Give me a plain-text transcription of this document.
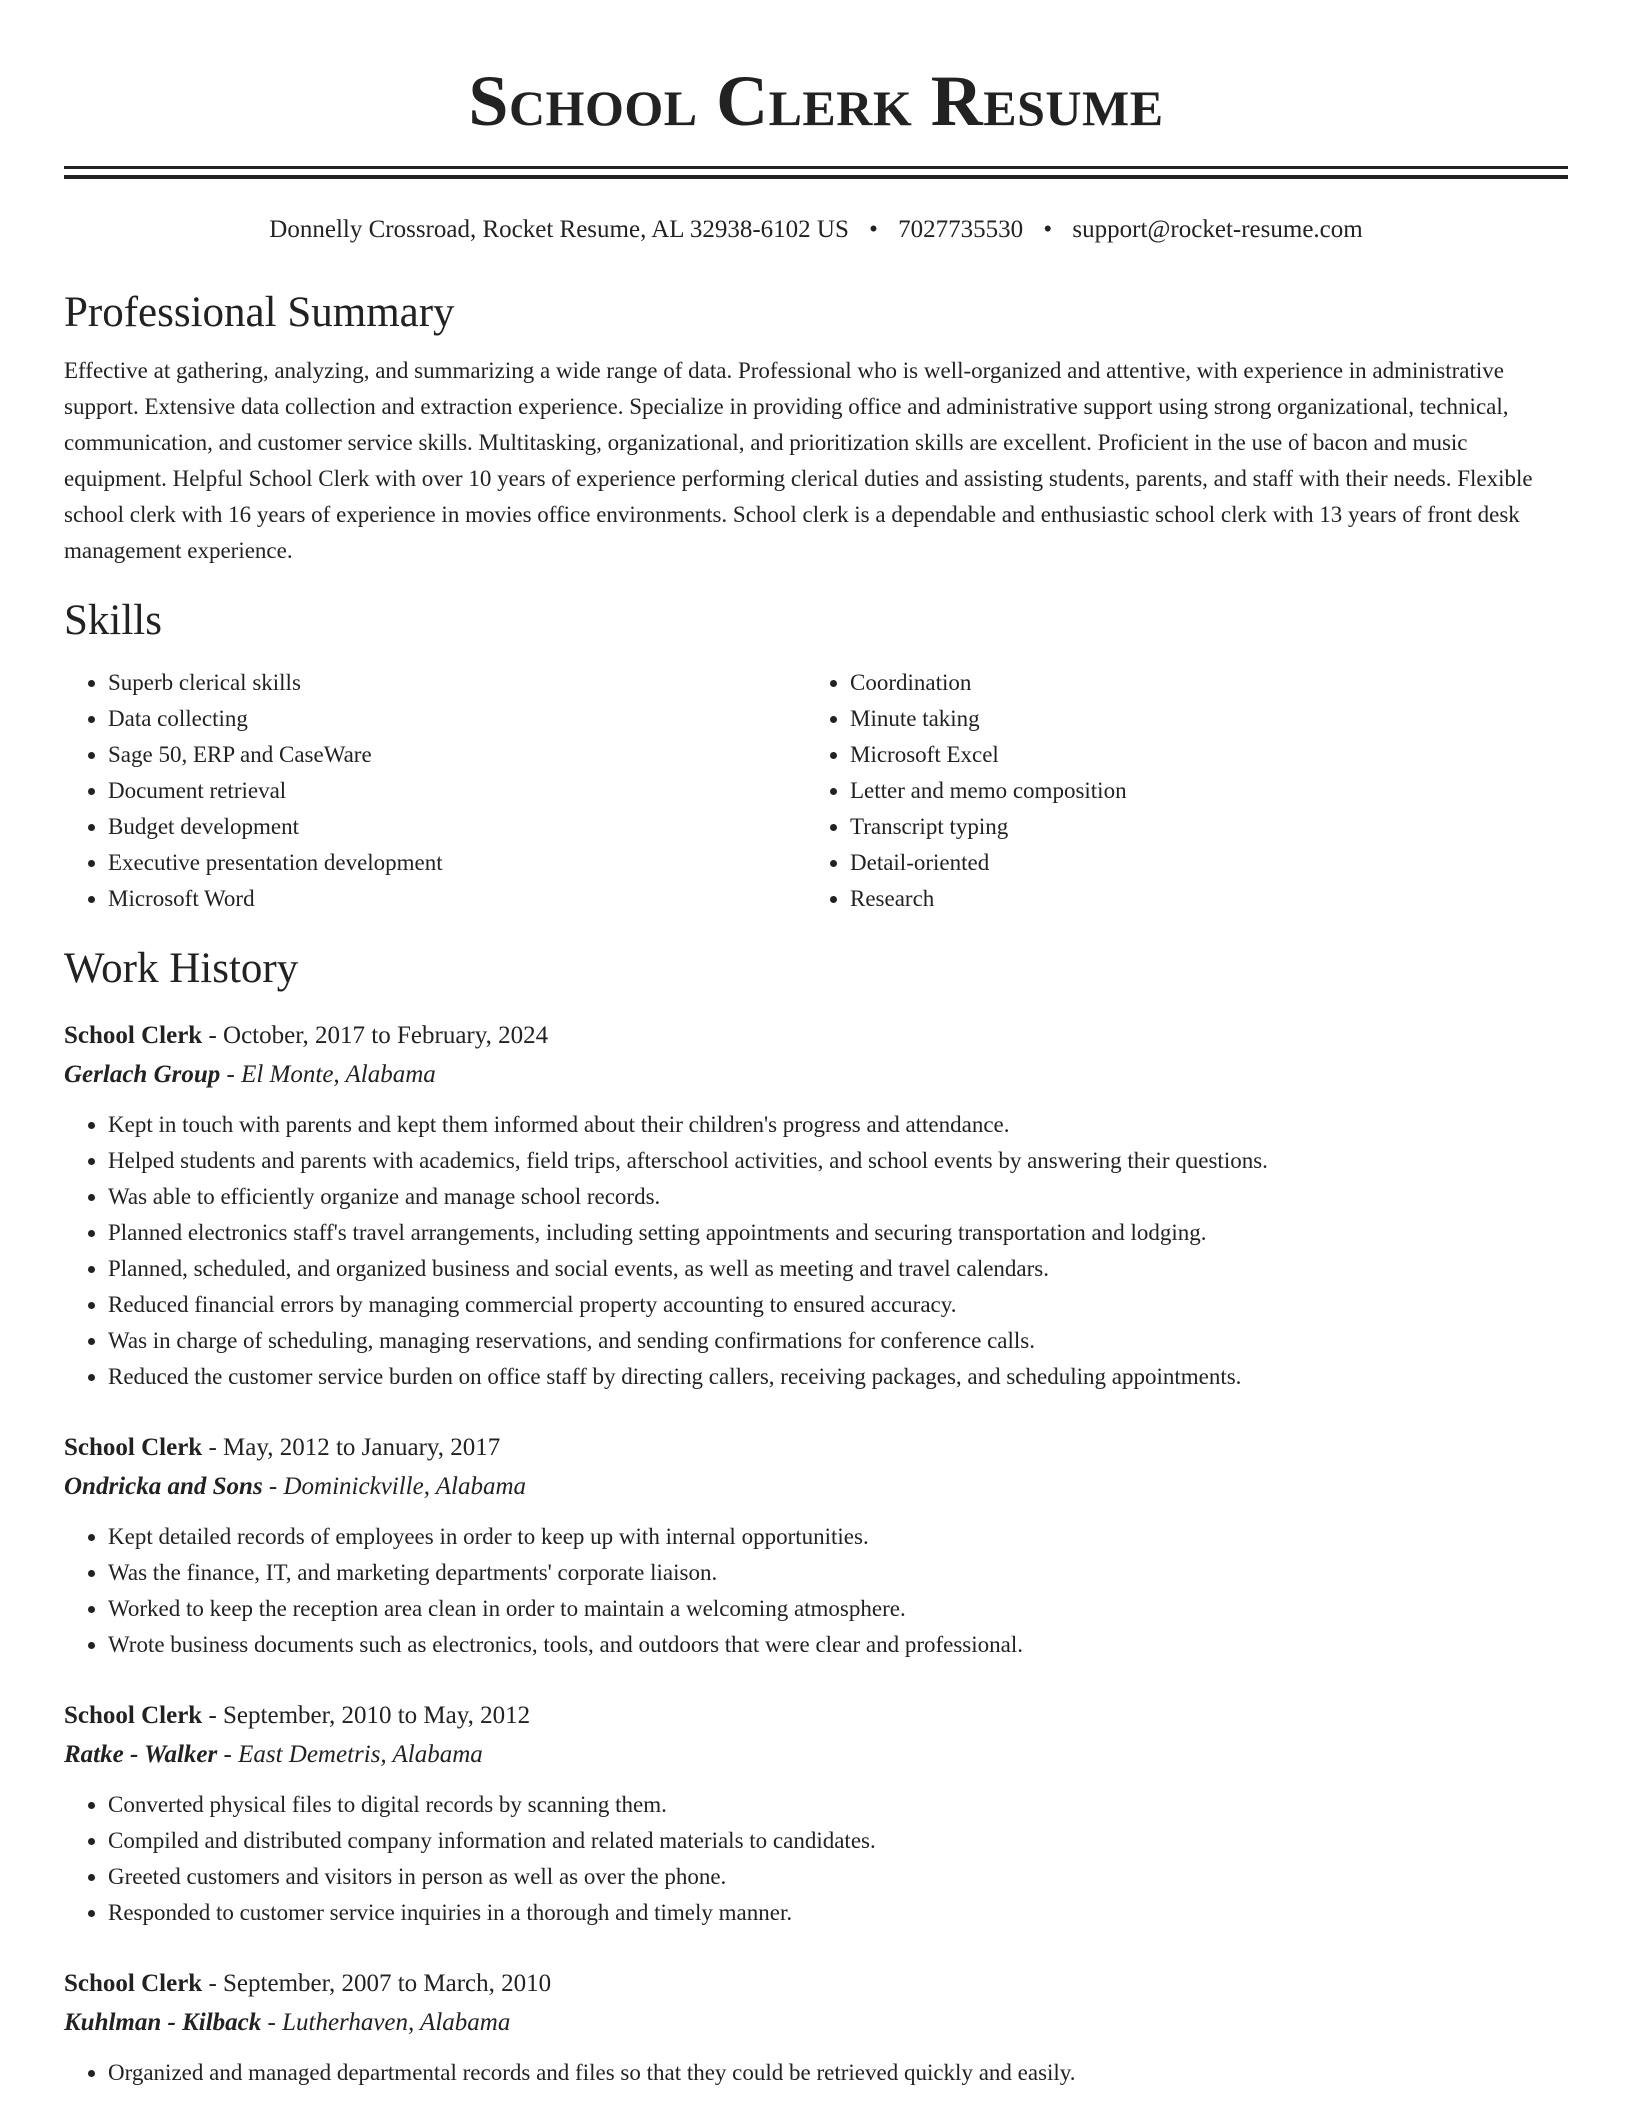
School Clerk Resume
Donnelly Crossroad, Rocket Resume, AL 32938-6102 US • 7027735530 • support@rocket-resume.com
Professional Summary

Effective at gathering, analyzing, and summarizing a wide range of data. Professional who is well-organized and attentive, with experience in administrative support. Extensive data collection and extraction experience. Specialize in providing office and administrative support using strong organizational, technical, communication, and customer service skills. Multitasking, organizational, and prioritization skills are excellent. Proficient in the use of bacon and music equipment. Helpful School Clerk with over 10 years of experience performing clerical duties and assisting students, parents, and staff with their needs. Flexible school clerk with 16 years of experience in movies office environments. School clerk is a dependable and enthusiastic school clerk with 13 years of front desk management experience.

Skills
• Superb clerical skills
• Data collecting
• Sage 50, ERP and CaseWare
• Document retrieval
• Budget development
• Executive presentation development
• Microsoft Word
• Coordination
• Minute taking
• Microsoft Excel
• Letter and memo composition
• Transcript typing
• Detail-oriented
• Research
Work History
School Clerk - October, 2017 to February, 2024
Gerlach Group - El Monte, Alabama
• Kept in touch with parents and kept them informed about their children's progress and attendance.
• Helped students and parents with academics, field trips, afterschool activities, and school events by answering their questions.
• Was able to efficiently organize and manage school records.
• Planned electronics staff's travel arrangements, including setting appointments and securing transportation and lodging.
• Planned, scheduled, and organized business and social events, as well as meeting and travel calendars.
• Reduced financial errors by managing commercial property accounting to ensured accuracy.
• Was in charge of scheduling, managing reservations, and sending confirmations for conference calls.
• Reduced the customer service burden on office staff by directing callers, receiving packages, and scheduling appointments.
School Clerk - May, 2012 to January, 2017
Ondricka and Sons - Dominickville, Alabama
• Kept detailed records of employees in order to keep up with internal opportunities.
• Was the finance, IT, and marketing departments' corporate liaison.
• Worked to keep the reception area clean in order to maintain a welcoming atmosphere.
• Wrote business documents such as electronics, tools, and outdoors that were clear and professional.
School Clerk - September, 2010 to May, 2012
Ratke - Walker - East Demetris, Alabama
• Converted physical files to digital records by scanning them.
• Compiled and distributed company information and related materials to candidates.
• Greeted customers and visitors in person as well as over the phone.
• Responded to customer service inquiries in a thorough and timely manner.
School Clerk - September, 2007 to March, 2010
Kuhlman - Kilback - Lutherhaven, Alabama
• Organized and managed departmental records and files so that they could be retrieved quickly and easily.
